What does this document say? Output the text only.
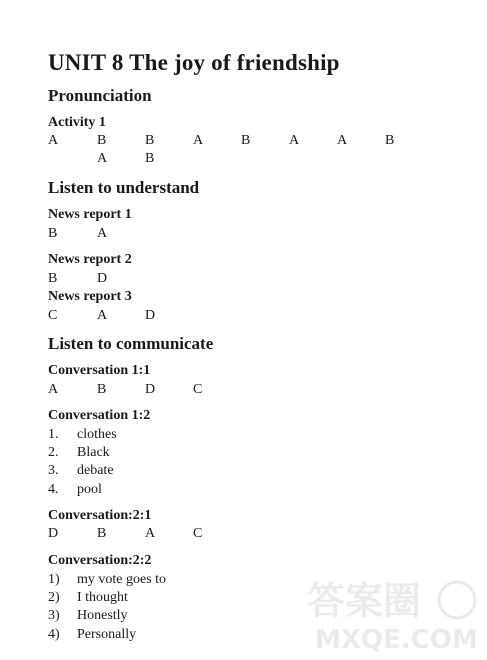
UNIT 8 The joy of friendship
Pronunciation
Activity 1
A	B	B	A	B	A	A	B
A	B
Listen to understand
News report 1
B	A
News report 2
B	D
News report 3
C	A	D
Listen to communicate
Conversation 1:1
A	B	D	C
Conversation 1:2
1. clothes
2. Black
3. debate
4. pool
Conversation:2:1
D	B	A	C
Conversation:2:2
1) my vote goes to
2) I thought
3) Honestly
4) Personally
答案圈
MXQE.COM
